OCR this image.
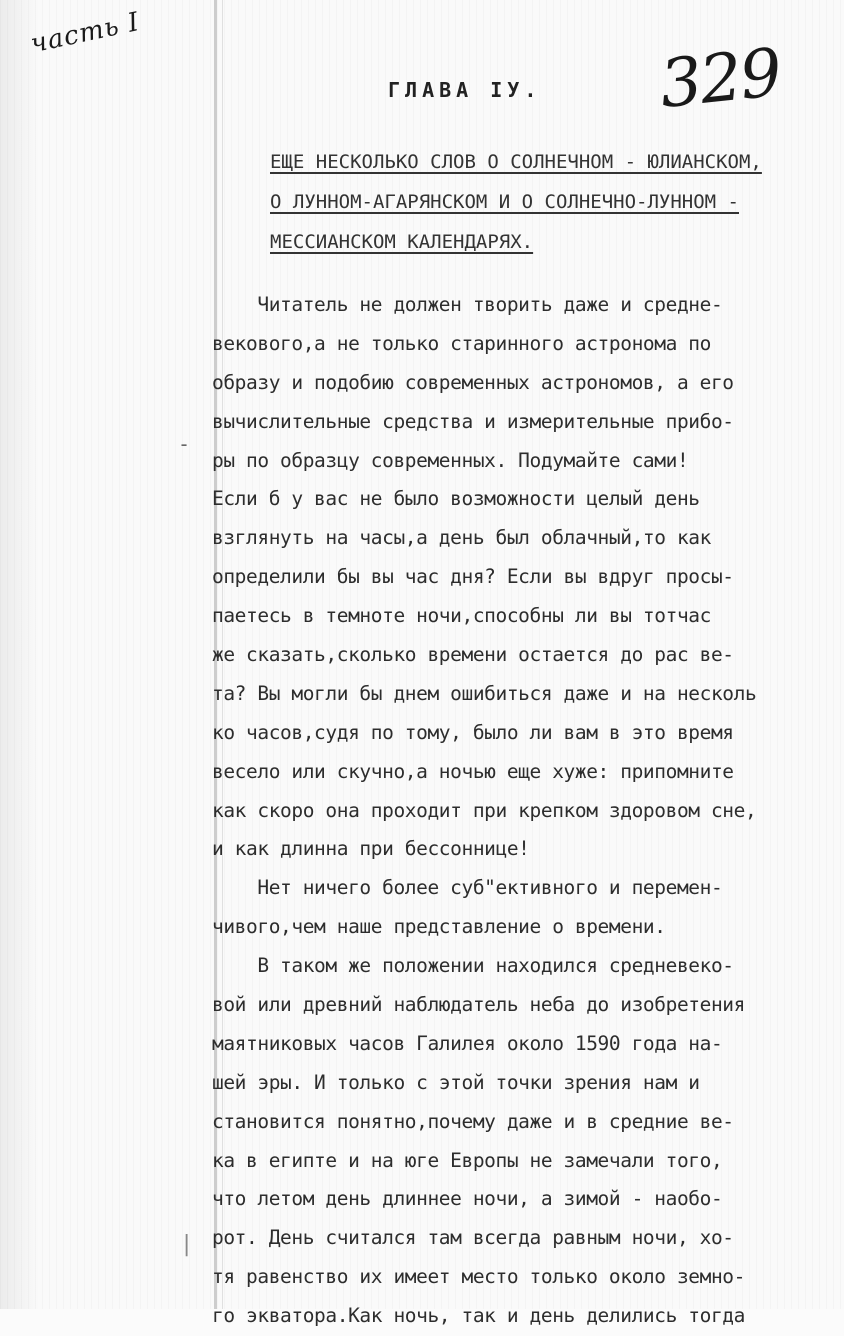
часть I
329
ГЛАВА IУ.
ЕЩЕ НЕСКОЛЬКО СЛОВ О СОЛНЕЧНОМ - ЮЛИАНСКОМ,
О ЛУННОМ-АГАРЯНСКОМ И О СОЛНЕЧНО-ЛУННОМ -
МЕССИАНСКОМ КАЛЕНДАРЯХ.
-
Читатель не должен творить даже и средне-
векового,а не только старинного астронома по
образу и подобию современных астрономов, а его
вычислительные средства и измерительные прибо-
ры по образцу современных. Подумайте сами!
Если б у вас не было возможности целый день
взглянуть на часы,а день был облачный,то как
определили бы вы час дня? Если вы вдруг просы-
паетесь в темноте ночи,способны ли вы тотчас
же сказать,сколько времени остается до рас ве-
та? Вы могли бы днем ошибиться даже и на несколь
ко часов,судя по тому, было ли вам в это время
весело или скучно,а ночью еще хуже: припомните
как скоро она проходит при крепком здоровом сне,
и как длинна при бессоннице!
Нет ничего более суб"ективного и перемен-
чивого,чем наше представление о времени.
В таком же положении находился средневеко-
вой или древний наблюдатель неба до изобретения
маятниковых часов Галилея около 1590 года на-
шей эры. И только с этой точки зрения нам и
становится понятно,почему даже и в средние ве-
ка в египте и на юге Европы не замечали того,
что летом день длиннее ночи, а зимой - наобо-
рот. День считался там всегда равным ночи, хо-
тя равенство их имеет место только около земно-
го экватора.Как ночь, так и день делились тогда
|
